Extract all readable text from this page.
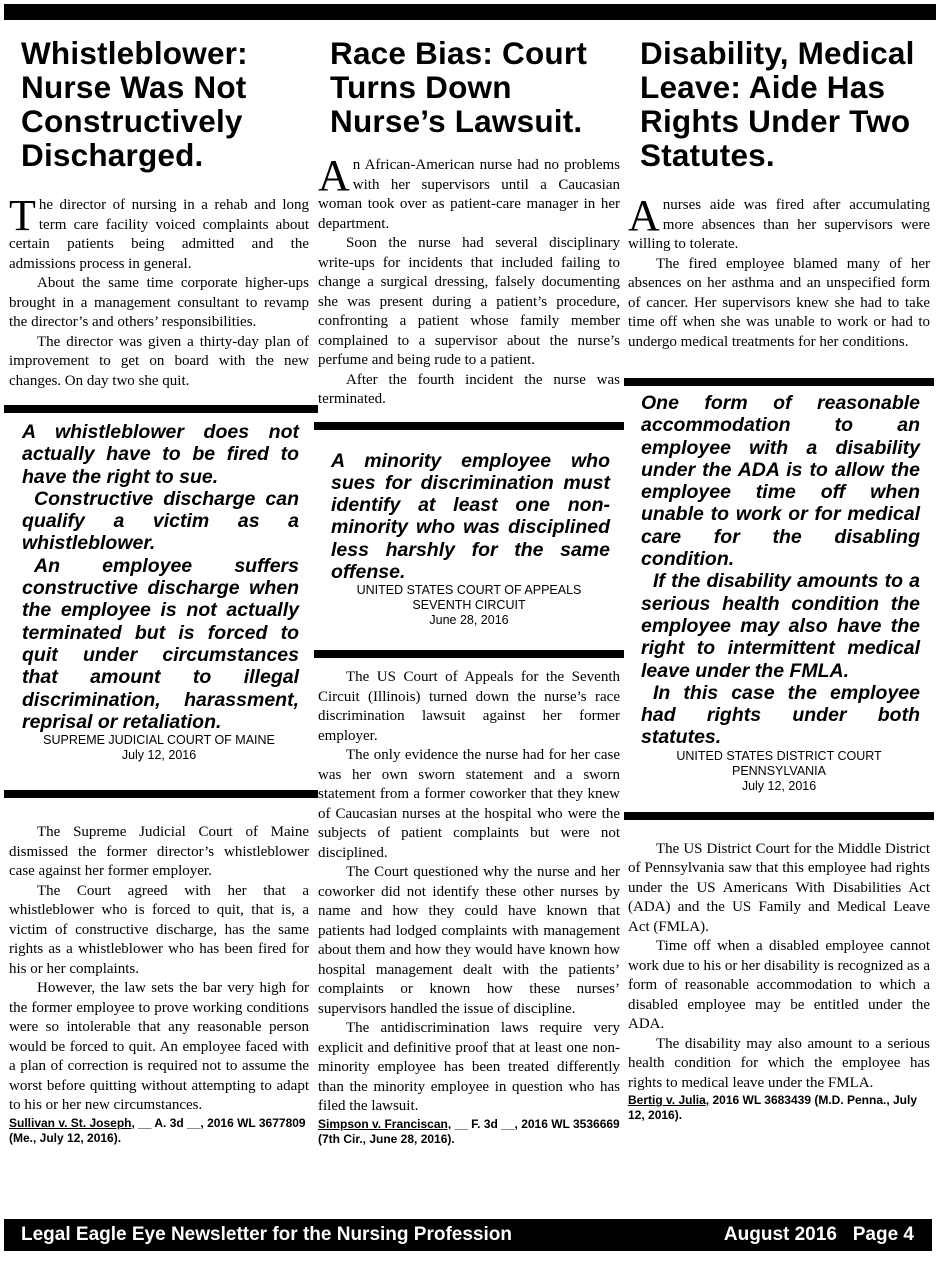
Whistleblower: Nurse Was Not Constructively Discharged.

The director of nursing in a rehab and long term care facility voiced complaints about certain patients being admitted and the admissions process in general.

About the same time corporate higher-ups brought in a management consultant to revamp the director’s and others’ responsibilities.

The director was given a thirty-day plan of improvement to get on board with the new changes. On day two she quit.

A whistleblower does not actually have to be fired to have the right to sue.

Constructive discharge can qualify a victim as a whistleblower.

An employee suffers constructive discharge when the employee is not actually terminated but is forced to quit under circumstances that amount to illegal discrimination, harassment, reprisal or retaliation.

SUPREME JUDICIAL COURT OF MAINE
July 12, 2016

The Supreme Judicial Court of Maine dismissed the former director’s whistleblower case against her former employer.

The Court agreed with her that a whistleblower who is forced to quit, that is, a victim of constructive discharge, has the same rights as a whistleblower who has been fired for his or her complaints.

However, the law sets the bar very high for the former employee to prove working conditions were so intolerable that any reasonable person would be forced to quit. An employee faced with a plan of correction is required not to assume the worst before quitting without attempting to adapt to his or her new circumstances.

Sullivan v. St. Joseph, __ A. 3d __, 2016 WL 3677809 (Me., July 12, 2016).
Race Bias: Court Turns Down Nurse’s Lawsuit.

An African-American nurse had no problems with her supervisors until a Caucasian woman took over as patient-care manager in her department.

Soon the nurse had several disciplinary write-ups for incidents that included failing to change a surgical dressing, falsely documenting she was present during a patient’s procedure, confronting a patient whose family member complained to a supervisor about the nurse’s perfume and being rude to a patient.

After the fourth incident the nurse was terminated.

A minority employee who sues for discrimination must identify at least one non-minority who was disciplined less harshly for the same offense.

UNITED STATES COURT OF APPEALS
SEVENTH CIRCUIT
June 28, 2016

The US Court of Appeals for the Seventh Circuit (Illinois) turned down the nurse’s race discrimination lawsuit against her former employer.

The only evidence the nurse had for her case was her own sworn statement and a sworn statement from a former coworker that they knew of Caucasian nurses at the hospital who were the subjects of patient complaints but were not disciplined.

The Court questioned why the nurse and her coworker did not identify these other nurses by name and how they could have known that patients had lodged complaints with management about them and how they would have known how hospital management dealt with the patients’ complaints or known how these nurses’ supervisors handled the issue of discipline.

The antidiscrimination laws require very explicit and definitive proof that at least one non-minority employee has been treated differently than the minority employee in question who has filed the lawsuit.

Simpson v. Franciscan, __ F. 3d __, 2016 WL 3536669 (7th Cir., June 28, 2016).
Disability, Medical Leave: Aide Has Rights Under Two Statutes.

A nurses aide was fired after accumulating more absences than her supervisors were willing to tolerate.

The fired employee blamed many of her absences on her asthma and an unspecified form of cancer. Her supervisors knew she had to take time off when she was unable to work or had to undergo medical treatments for her conditions.

One form of reasonable accommodation to an employee with a disability under the ADA is to allow the employee time off when unable to work or for medical care for the disabling condition.

If the disability amounts to a serious health condition the employee may also have the right to intermittent medical leave under the FMLA.

In this case the employee had rights under both statutes.

UNITED STATES DISTRICT COURT
PENNSYLVANIA
July 12, 2016

The US District Court for the Middle District of Pennsylvania saw that this employee had rights under the US Americans With Disabilities Act (ADA) and the US Family and Medical Leave Act (FMLA).

Time off when a disabled employee cannot work due to his or her disability is recognized as a form of reasonable accommodation to which a disabled employee may be entitled under the ADA.

The disability may also amount to a serious health condition for which the employee has rights to medical leave under the FMLA.

Bertig v. Julia, 2016 WL 3683439 (M.D. Penna., July 12, 2016).
Legal Eagle Eye Newsletter for the Nursing Profession	August 2016 Page 4
